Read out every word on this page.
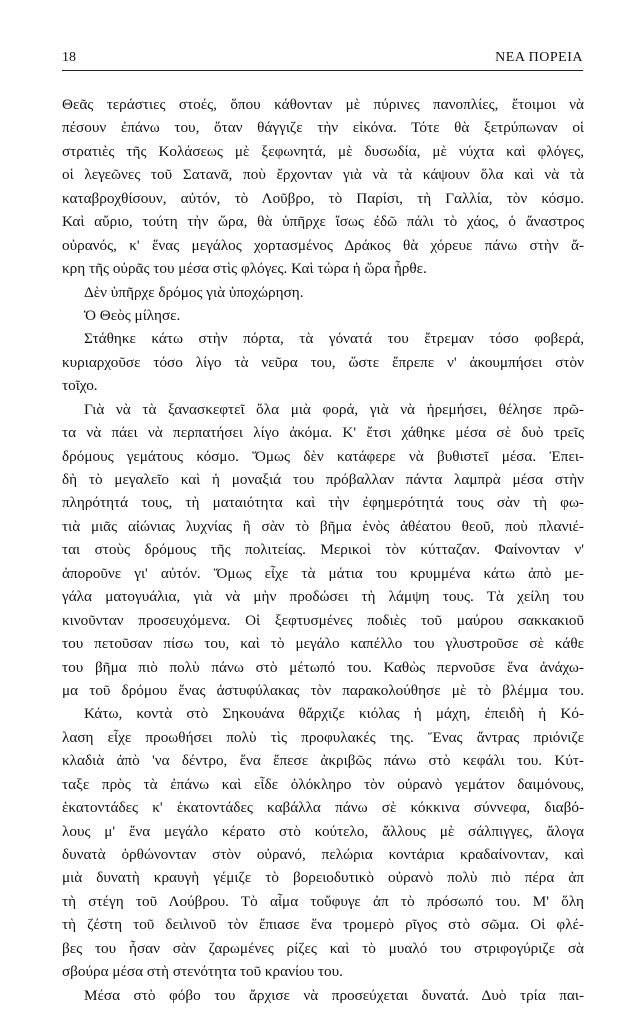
18	ΝΕΑ ΠΟΡΕΙΑ
Θεᾶς τεράστιες στοές, ὅπου κάθονταν μὲ πύρινες πανοπλίες, ἕτοιμοι νὰ
πέσουν ἐπάνω του, ὅταν θάγγιζε τὴν εἰκόνα. Τότε θὰ ξετρύπωναν οἱ
στρατιὲς τῆς Κολάσεως μὲ ξεφωνητά, μὲ δυσωδία, μὲ νύχτα καὶ φλόγες,
οἱ λεγεῶνες τοῦ Σατανᾶ, ποὺ ἔρχονταν γιὰ νὰ τὰ κάψουν ὅλα καὶ νὰ τὰ
καταβροχθίσουν, αὐτόν, τὸ Λοῦβρο, τὸ Παρίσι, τὴ Γαλλία, τὸν κόσμο.
Καὶ αὔριο, τούτη τὴν ὥρα, θὰ ὑπῆρχε ἴσως ἐδῶ πάλι τὸ χάος, ὁ ἄναστρος
οὐρανός, κ' ἕνας μεγάλος χορτασμένος Δράκος θὰ χόρευε πάνω στὴν ἄ-
κρη τῆς οὐρᾶς του μέσα στὶς φλόγες. Καὶ τώρα ἡ ὥρα ἦρθε.
Δὲν ὑπῆρχε δρόμος γιὰ ὑποχώρηση.
Ὁ Θεὸς μίλησε.
Στάθηκε κάτω στὴν πόρτα, τὰ γόνατά του ἔτρεμαν τόσο φοβερά,
κυριαρχοῦσε τόσο λίγο τὰ νεῦρα του, ὥστε ἔπρεπε ν' ἀκουμπήσει στὸν
τοῖχο.
Γιὰ νὰ τὰ ξανασκεφτεῖ ὅλα μιὰ φορά, γιὰ νὰ ἠρεμήσει, θέλησε πρῶ-
τα νὰ πάει νὰ περπατήσει λίγο ἀκόμα. Κ' ἔτσι χάθηκε μέσα σὲ δυὸ τρεῖς
δρόμους γεμάτους κόσμο. Ὅμως δὲν κατάφερε νὰ βυθιστεῖ μέσα. Ἐπει-
δὴ τὸ μεγαλεῖο καὶ ἡ μοναξιά του πρόβαλλαν πάντα λαμπρὰ μέσα στὴν
πληρότητά τους, τὴ ματαιότητα καὶ τὴν ἐφημερότητά τους σὰν τὴ φω-
τιὰ μιᾶς αἰώνιας λυχνίας ἢ σὰν τὸ βῆμα ἑνὸς ἀθέατου θεοῦ, ποὺ πλανιέ-
ται στοὺς δρόμους τῆς πολιτείας. Μερικοὶ τὸν κύτταζαν. Φαίνονταν ν'
ἀποροῦνε γι' αὐτόν. Ὅμως εἶχε τὰ μάτια του κρυμμένα κάτω ἀπὸ με-
γάλα ματογυάλια, γιὰ νὰ μὴν προδώσει τὴ λάμψη τους. Τὰ χείλη του
κινοῦνταν προσευχόμενα. Οἱ ξεφτυσμένες ποδιὲς τοῦ μαύρου σακκακιοῦ
του πετοῦσαν πίσω του, καὶ τὸ μεγάλο καπέλλο του γλυστροῦσε σὲ κάθε
του βῆμα πιὸ πολὺ πάνω στὸ μέτωπό του. Καθὼς περνοῦσε ἕνα ἀνάχω-
μα τοῦ δρόμου ἕνας ἀστυφύλακας τὸν παρακολούθησε μὲ τὸ βλέμμα του.
Κάτω, κοντὰ στὸ Σηκουάνα θἄρχιζε κιόλας ἡ μάχη, ἐπειδὴ ἡ Κό-
λαση εἶχε προωθήσει πολὺ τὶς προφυλακές της. Ἕνας ἄντρας πριόνιζε
κλαδιὰ ἀπὸ 'να δέντρο, ἕνα ἔπεσε ἀκριβῶς πάνω στὸ κεφάλι του. Κύτ-
ταξε πρὸς τὰ ἐπάνω καὶ εἶδε ὁλόκληρο τὸν οὐρανὸ γεμάτον δαιμόνους,
ἑκατοντάδες κ' ἑκατοντάδες καβάλλα πάνω σὲ κόκκινα σύννεφα, διαβό-
λους μ' ἕνα μεγάλο κέρατο στὸ κούτελο, ἄλλους μὲ σάλπιγγες, ἄλογα
δυνατὰ ὀρθώνονταν στὸν οὐρανό, πελώρια κοντάρια κραδαίνονταν, καὶ
μιὰ δυνατὴ κραυγὴ γέμιζε τὸ βορειοδυτικὸ οὐρανὸ πολὺ πιὸ πέρα ἀπ
τὴ στέγη τοῦ Λούβρου. Τὸ αἷμα τοὔφυγε ἀπ τὸ πρόσωπό του. Μ' ὅλη
τὴ ζέστη τοῦ δειλινοῦ τὸν ἔπιασε ἕνα τρομερὸ ρῖγος στὸ σῶμα. Οἱ φλέ-
βες του ἦσαν σὰν ζαρωμένες ρίζες καὶ τὸ μυαλό του στριφογύριζε σὰ
σβούρα μέσα στὴ στενότητα τοῦ κρανίου του.
Μέσα στὸ φόβο του ἄρχισε νὰ προσεύχεται δυνατά. Δυὸ τρία παι-
